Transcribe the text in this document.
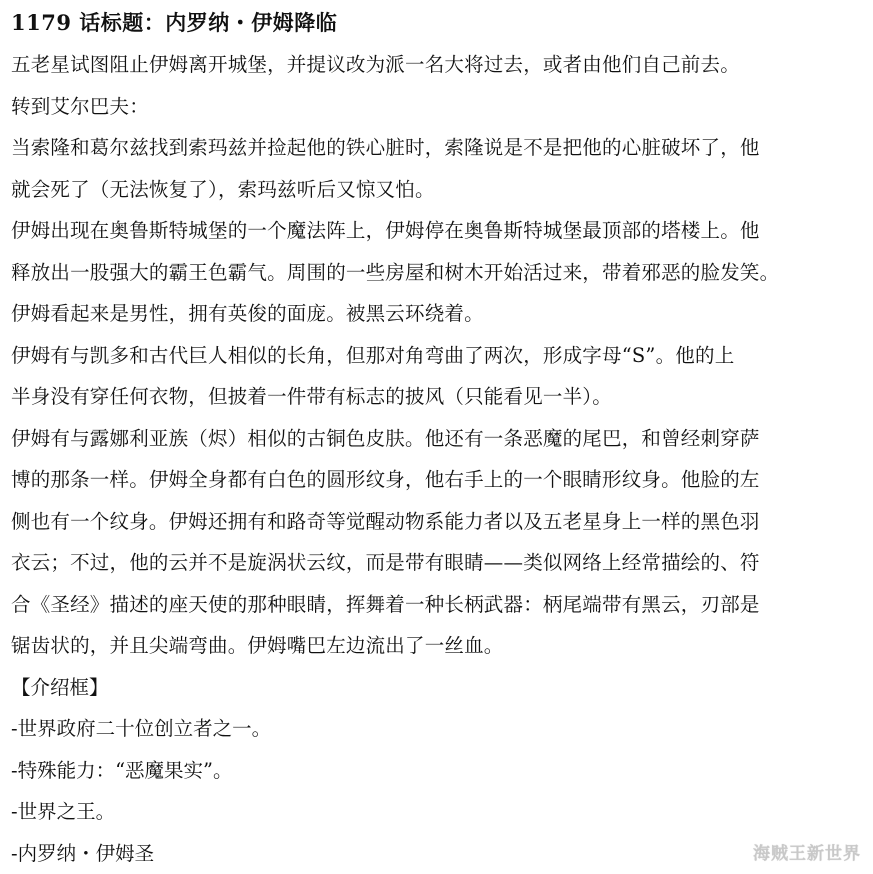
1179 话标题：内罗纳・伊姆降临

五老星试图阻止伊姆离开城堡，并提议改为派一名大将过去，或者由他们自己前去。

转到艾尔巴夫：

当索隆和葛尔兹找到索玛兹并捡起他的铁心脏时，索隆说是不是把他的心脏破坏了，他
就会死了（无法恢复了），索玛兹听后又惊又怕。

伊姆出现在奥鲁斯特城堡的一个魔法阵上，伊姆停在奥鲁斯特城堡最顶部的塔楼上。他
释放出一股强大的霸王色霸气。周围的一些房屋和树木开始活过来，带着邪恶的脸发笑。
伊姆看起来是男性，拥有英俊的面庞。被黑云环绕着。

伊姆有与凯多和古代巨人相似的长角，但那对角弯曲了两次，形成字母“S”。他的上
半身没有穿任何衣物，但披着一件带有标志的披风（只能看见一半）。

伊姆有与露娜利亚族（烬）相似的古铜色皮肤。他还有一条恶魔的尾巴，和曾经刺穿萨
博的那条一样。伊姆全身都有白色的圆形纹身，他右手上的一个眼睛形纹身。他脸的左
侧也有一个纹身。伊姆还拥有和路奇等觉醒动物系能力者以及五老星身上一样的黑色羽
衣云；不过，他的云并不是旋涡状云纹，而是带有眼睛——类似网络上经常描绘的、符
合《圣经》描述的座天使的那种眼睛，挥舞着一种长柄武器：柄尾端带有黑云，刃部是
锯齿状的，并且尖端弯曲。伊姆嘴巴左边流出了一丝血。

【介绍框】
-世界政府二十位创立者之一。
-特殊能力：“恶魔果实”。
-世界之王。
-内罗纳・伊姆圣	海贼王新世界
